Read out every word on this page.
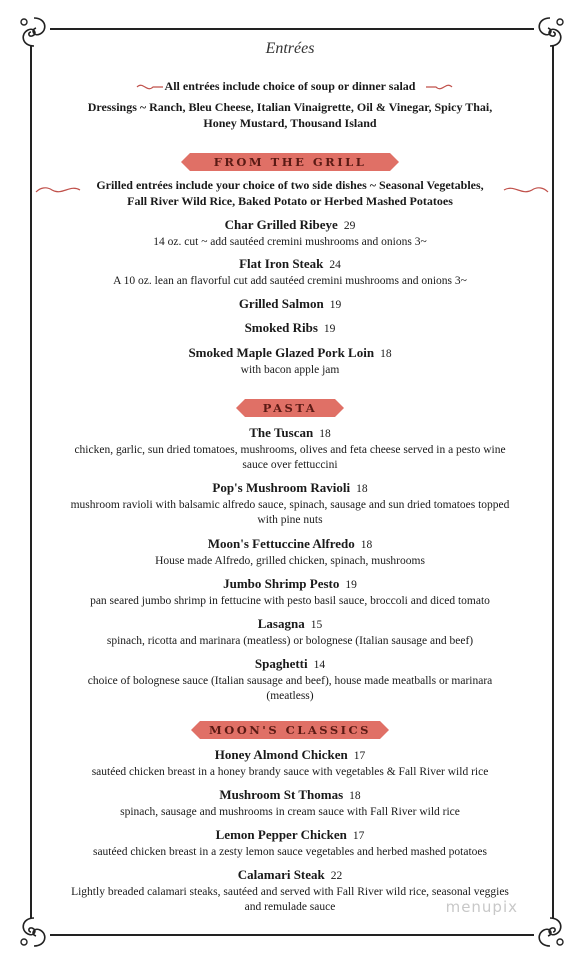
Entrées
All entrées include choice of soup or dinner salad
Dressings ~ Ranch, Bleu Cheese, Italian Vinaigrette, Oil & Vinegar, Spicy Thai, Honey Mustard, Thousand Island
FROM THE GRILL
Grilled entrées include your choice of two side dishes ~ Seasonal Vegetables, Fall River Wild Rice, Baked Potato or Herbed Mashed Potatoes
Char Grilled Ribeye 29
14 oz. cut ~ add sautéed cremini mushrooms and onions 3~
Flat Iron Steak 24
A 10 oz. lean an flavorful cut add sautéed cremini mushrooms and onions 3~
Grilled Salmon 19
Smoked Ribs 19
Smoked Maple Glazed Pork Loin 18
with bacon apple jam
PASTA
The Tuscan 18
chicken, garlic, sun dried tomatoes, mushrooms, olives and feta cheese served in a pesto wine sauce over fettuccini
Pop's Mushroom Ravioli 18
mushroom ravioli with balsamic alfredo sauce, spinach, sausage and sun dried tomatoes topped with pine nuts
Moon's Fettuccine Alfredo 18
House made Alfredo, grilled chicken, spinach, mushrooms
Jumbo Shrimp Pesto 19
pan seared jumbo shrimp in fettucine with pesto basil sauce, broccoli and diced tomato
Lasagna 15
spinach, ricotta and marinara (meatless) or bolognese (Italian sausage and beef)
Spaghetti 14
choice of bolognese sauce (Italian sausage and beef), house made meatballs or marinara (meatless)
MOON'S CLASSICS
Honey Almond Chicken 17
sautéed chicken breast in a honey brandy sauce with vegetables & Fall River wild rice
Mushroom St Thomas 18
spinach, sausage and mushrooms in cream sauce with Fall River wild rice
Lemon Pepper Chicken 17
sautéed chicken breast in a zesty lemon sauce vegetables and herbed mashed potatoes
Calamari Steak 22
Lightly breaded calamari steaks, sautéed and served with Fall River wild rice, seasonal veggies and remulade sauce	menupix
